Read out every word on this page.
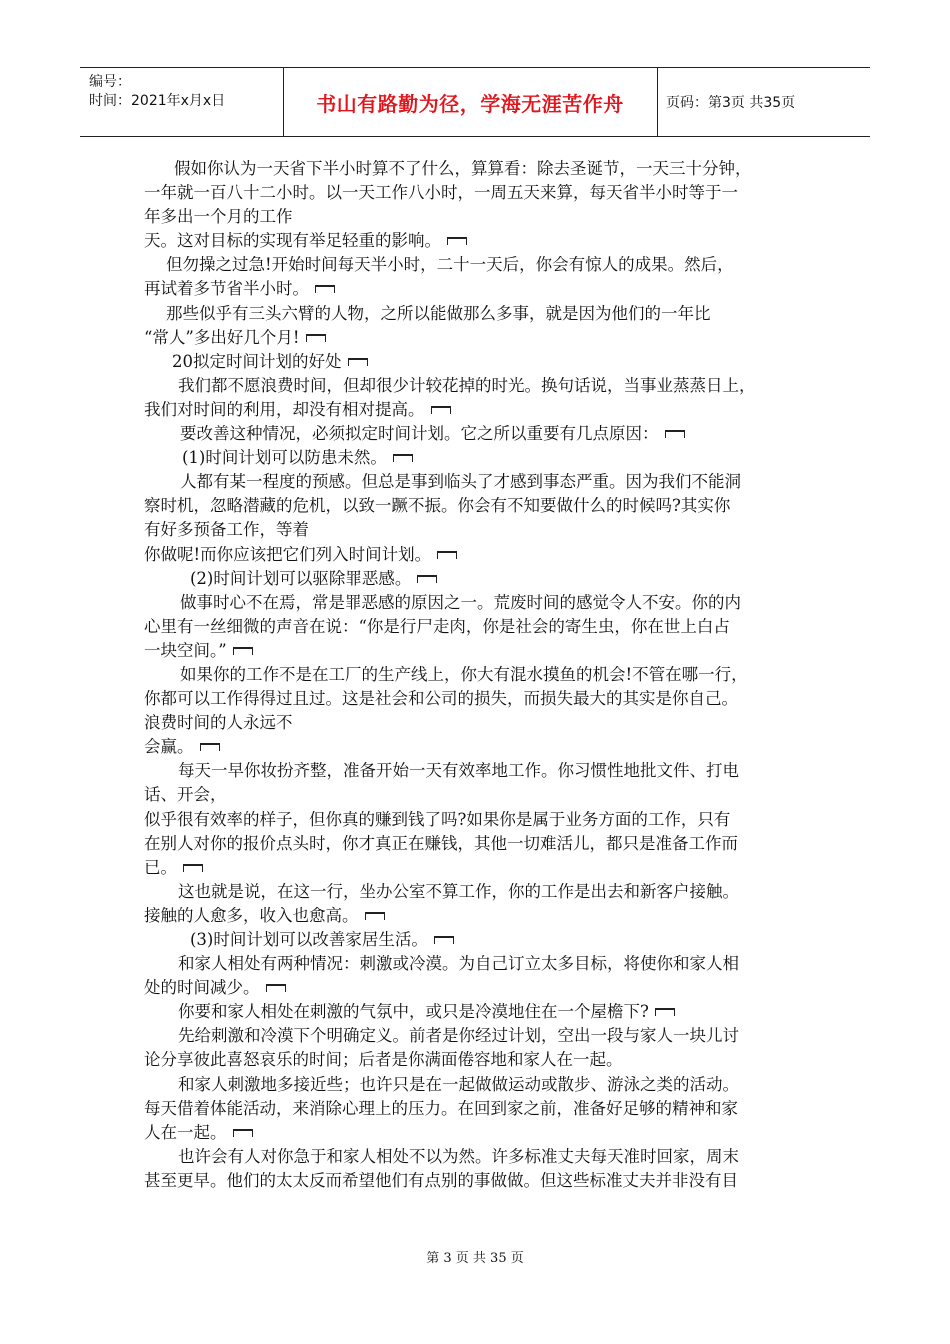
编号：
时间：2021年x月x日	书山有路勤为径，学海无涯苦作舟	页码：第3页 共35页
假如你认为一天省下半小时算不了什么，算算看：除去圣诞节，一天三十分钟，
一年就一百八十二小时。以一天工作八小时，一周五天来算，每天省半小时等于一
年多出一个月的工作
天。这对目标的实现有举足轻重的影响。
但勿操之过急!开始时间每天半小时，二十一天后，你会有惊人的成果。然后，
再试着多节省半小时。
那些似乎有三头六臂的人物，之所以能做那么多事，就是因为他们的一年比
“常人”多出好几个月!
20拟定时间计划的好处
我们都不愿浪费时间，但却很少计较花掉的时光。换句话说，当事业蒸蒸日上，
我们对时间的利用，却没有相对提高。
要改善这种情况，必须拟定时间计划。它之所以重要有几点原因：
(1)时间计划可以防患未然。
人都有某一程度的预感。但总是事到临头了才感到事态严重。因为我们不能洞
察时机，忽略潜藏的危机，以致一蹶不振。你会有不知要做什么的时候吗?其实你
有好多预备工作，等着
你做呢!而你应该把它们列入时间计划。
(2)时间计划可以驱除罪恶感。
做事时心不在焉，常是罪恶感的原因之一。荒废时间的感觉令人不安。你的内
心里有一丝细微的声音在说：“你是行尸走肉，你是社会的寄生虫，你在世上白占
一块空间。”
如果你的工作不是在工厂的生产线上，你大有混水摸鱼的机会!不管在哪一行，
你都可以工作得得过且过。这是社会和公司的损失，而损失最大的其实是你自己。
浪费时间的人永远不
会赢。
每天一早你妆扮齐整，准备开始一天有效率地工作。你习惯性地批文件、打电
话、开会，
似乎很有效率的样子，但你真的赚到钱了吗?如果你是属于业务方面的工作，只有
在别人对你的报价点头时，你才真正在赚钱，其他一切难活儿，都只是准备工作而
已。
这也就是说，在这一行，坐办公室不算工作，你的工作是出去和新客户接触。
接触的人愈多，收入也愈高。
(3)时间计划可以改善家居生活。
和家人相处有两种情况：刺激或冷漠。为自己订立太多目标，将使你和家人相
处的时间减少。
你要和家人相处在刺激的气氛中，或只是冷漠地住在一个屋檐下?
先给刺激和冷漠下个明确定义。前者是你经过计划，空出一段与家人一块儿讨
论分享彼此喜怒哀乐的时间；后者是你满面倦容地和家人在一起。
和家人刺激地多接近些；也许只是在一起做做运动或散步、游泳之类的活动。
每天借着体能活动，来消除心理上的压力。在回到家之前，准备好足够的精神和家
人在一起。
也许会有人对你急于和家人相处不以为然。许多标准丈夫每天准时回家，周末
甚至更早。他们的太太反而希望他们有点别的事做做。但这些标准丈夫并非没有目
第 3 页 共 35 页
